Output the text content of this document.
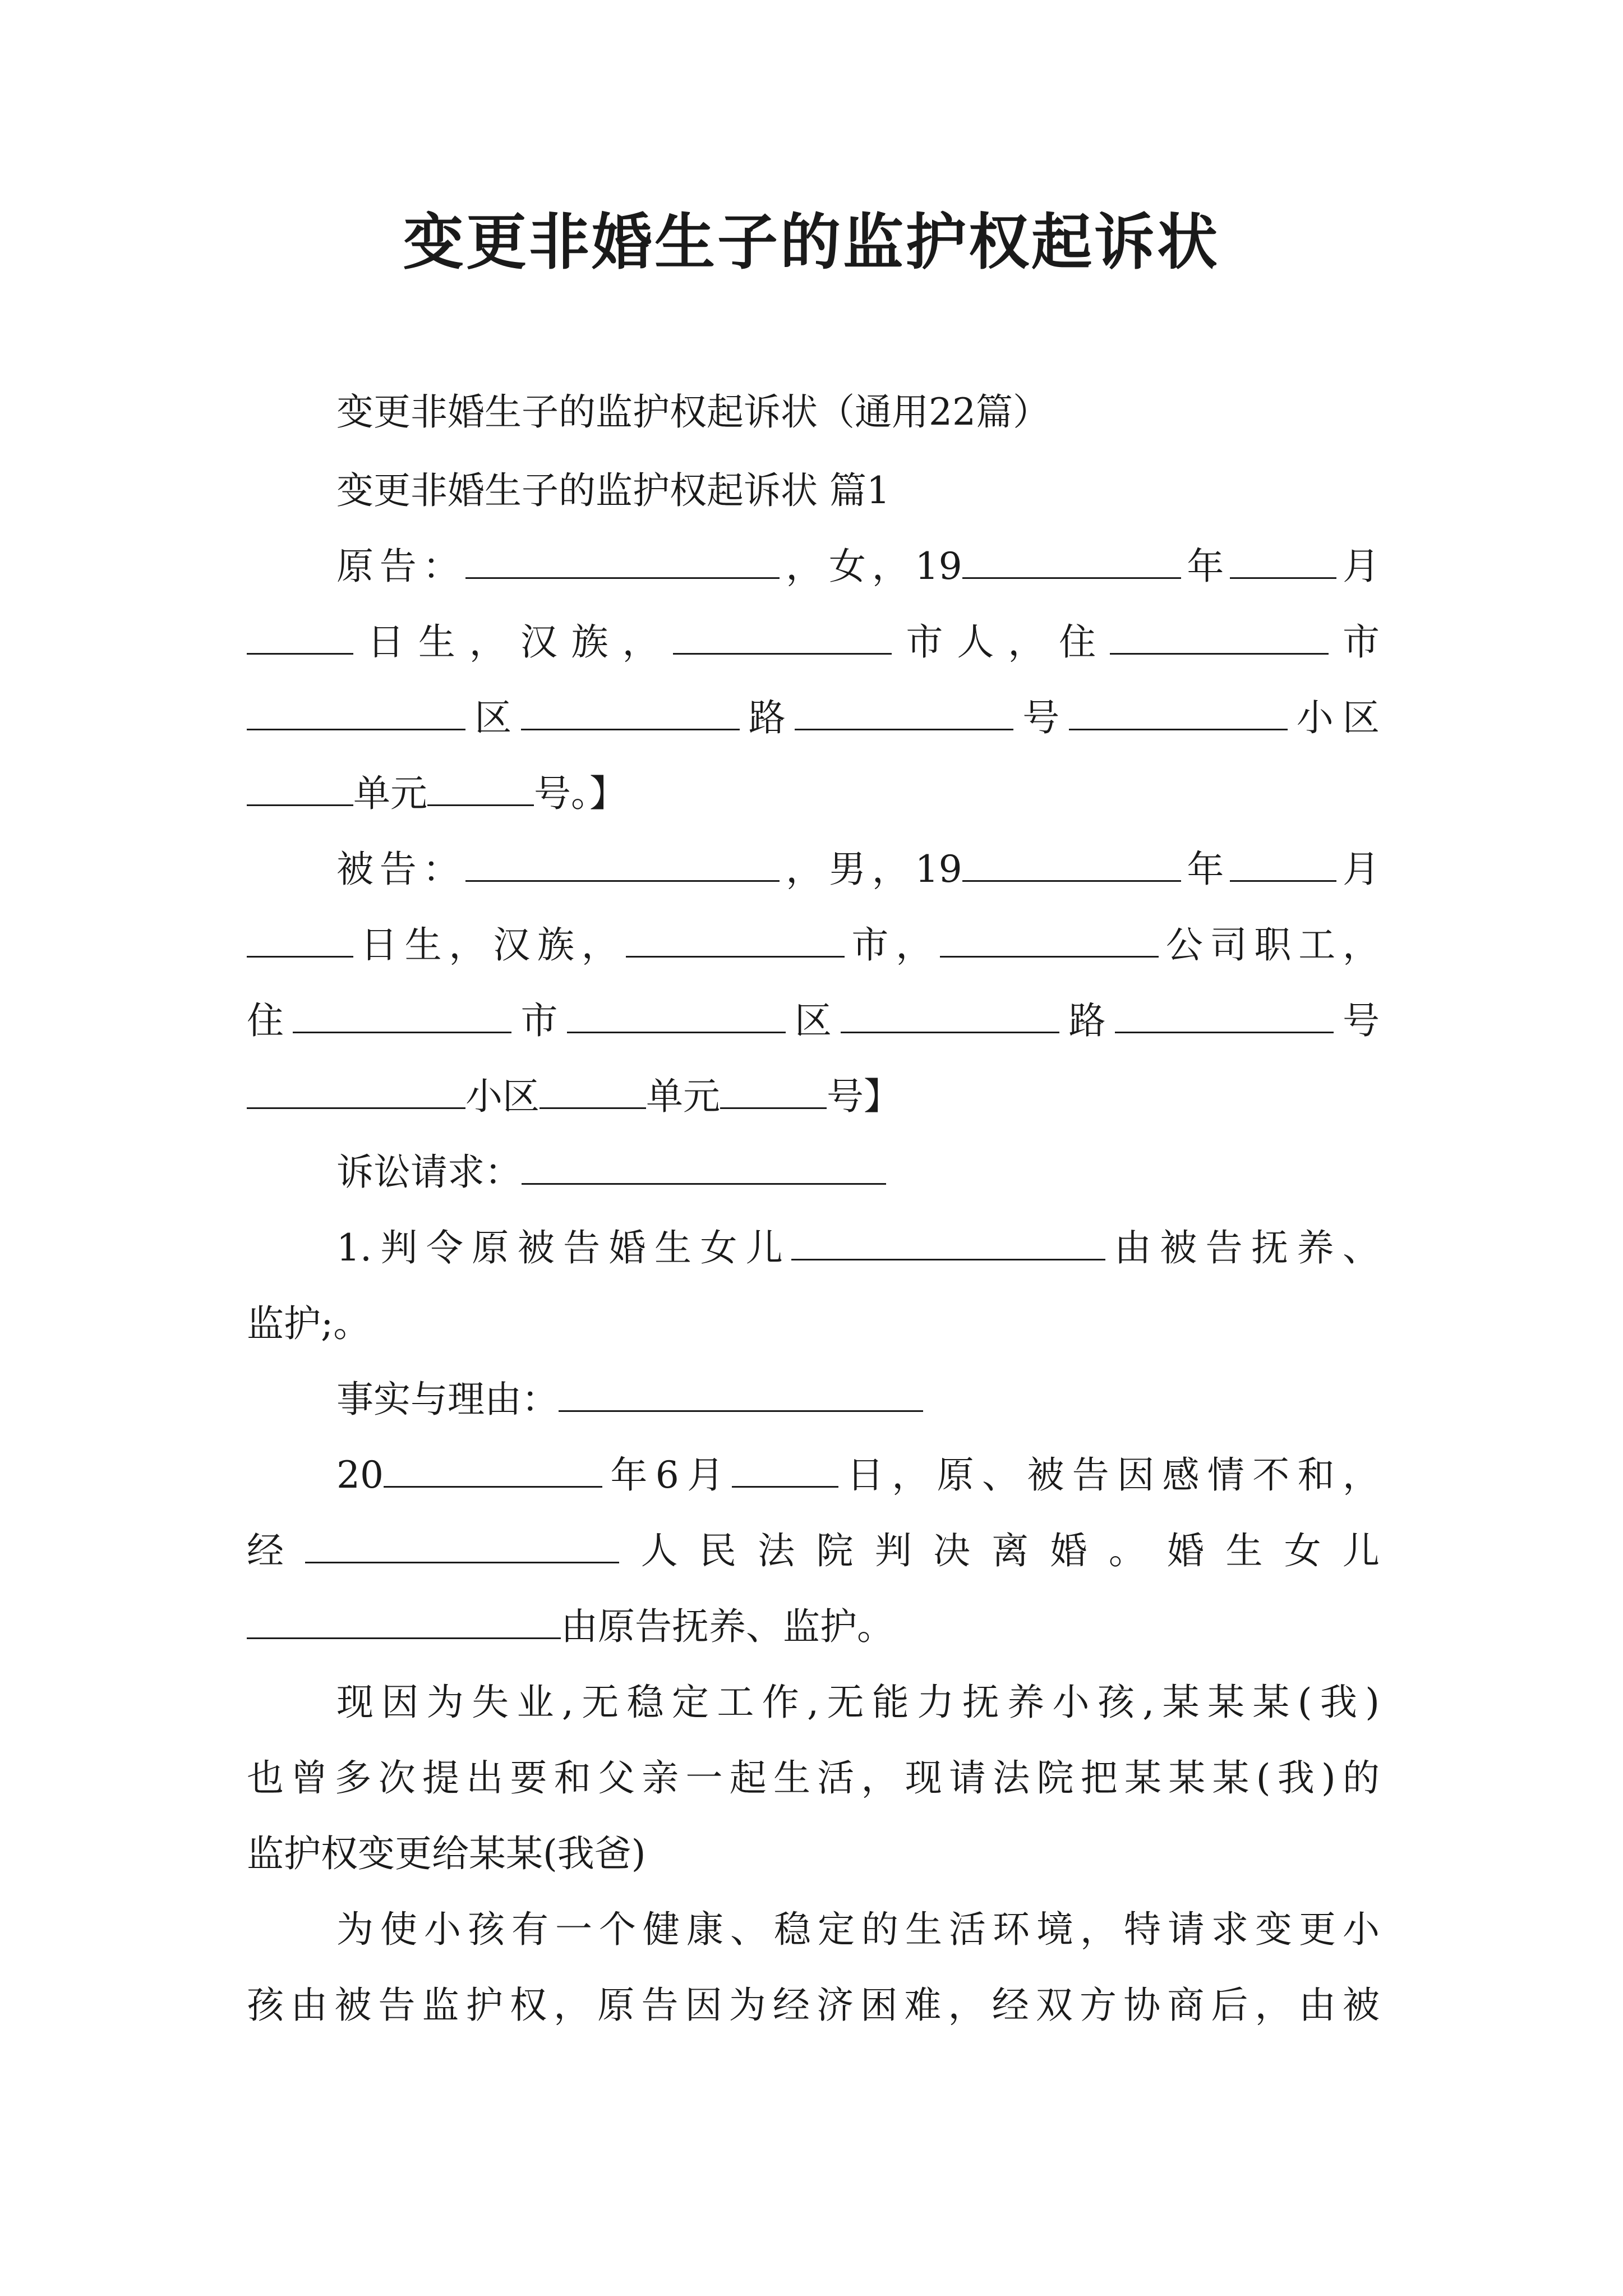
变更非婚生子的监护权起诉状
变更非婚生子的监护权起诉状（通用22篇）
变更非婚生子的监护权起诉状 篇1
原告：	，女，19	年	月
日生，汉族，	市人，住	市
区	路	号	小区
单元	号。】
被告：	，男，19	年	月
日生，汉族，	市，	公司职工，
住	市	区	路	号
小区	单元	号】
诉讼请求：
1.判令原被告婚生女儿	由被告抚养、
监护;。
事实与理由：
20	年6月	日，原、被告因感情不和，
经	人民法院判决离婚。婚生女儿
由原告抚养、监护。
现因为失业,无稳定工作,无能力抚养小孩,某某某(我)
也曾多次提出要和父亲一起生活，现请法院把某某某(我)的
监护权变更给某某(我爸)
为使小孩有一个健康、稳定的生活环境，特请求变更小
孩由被告监护权，原告因为经济困难，经双方协商后，由被
